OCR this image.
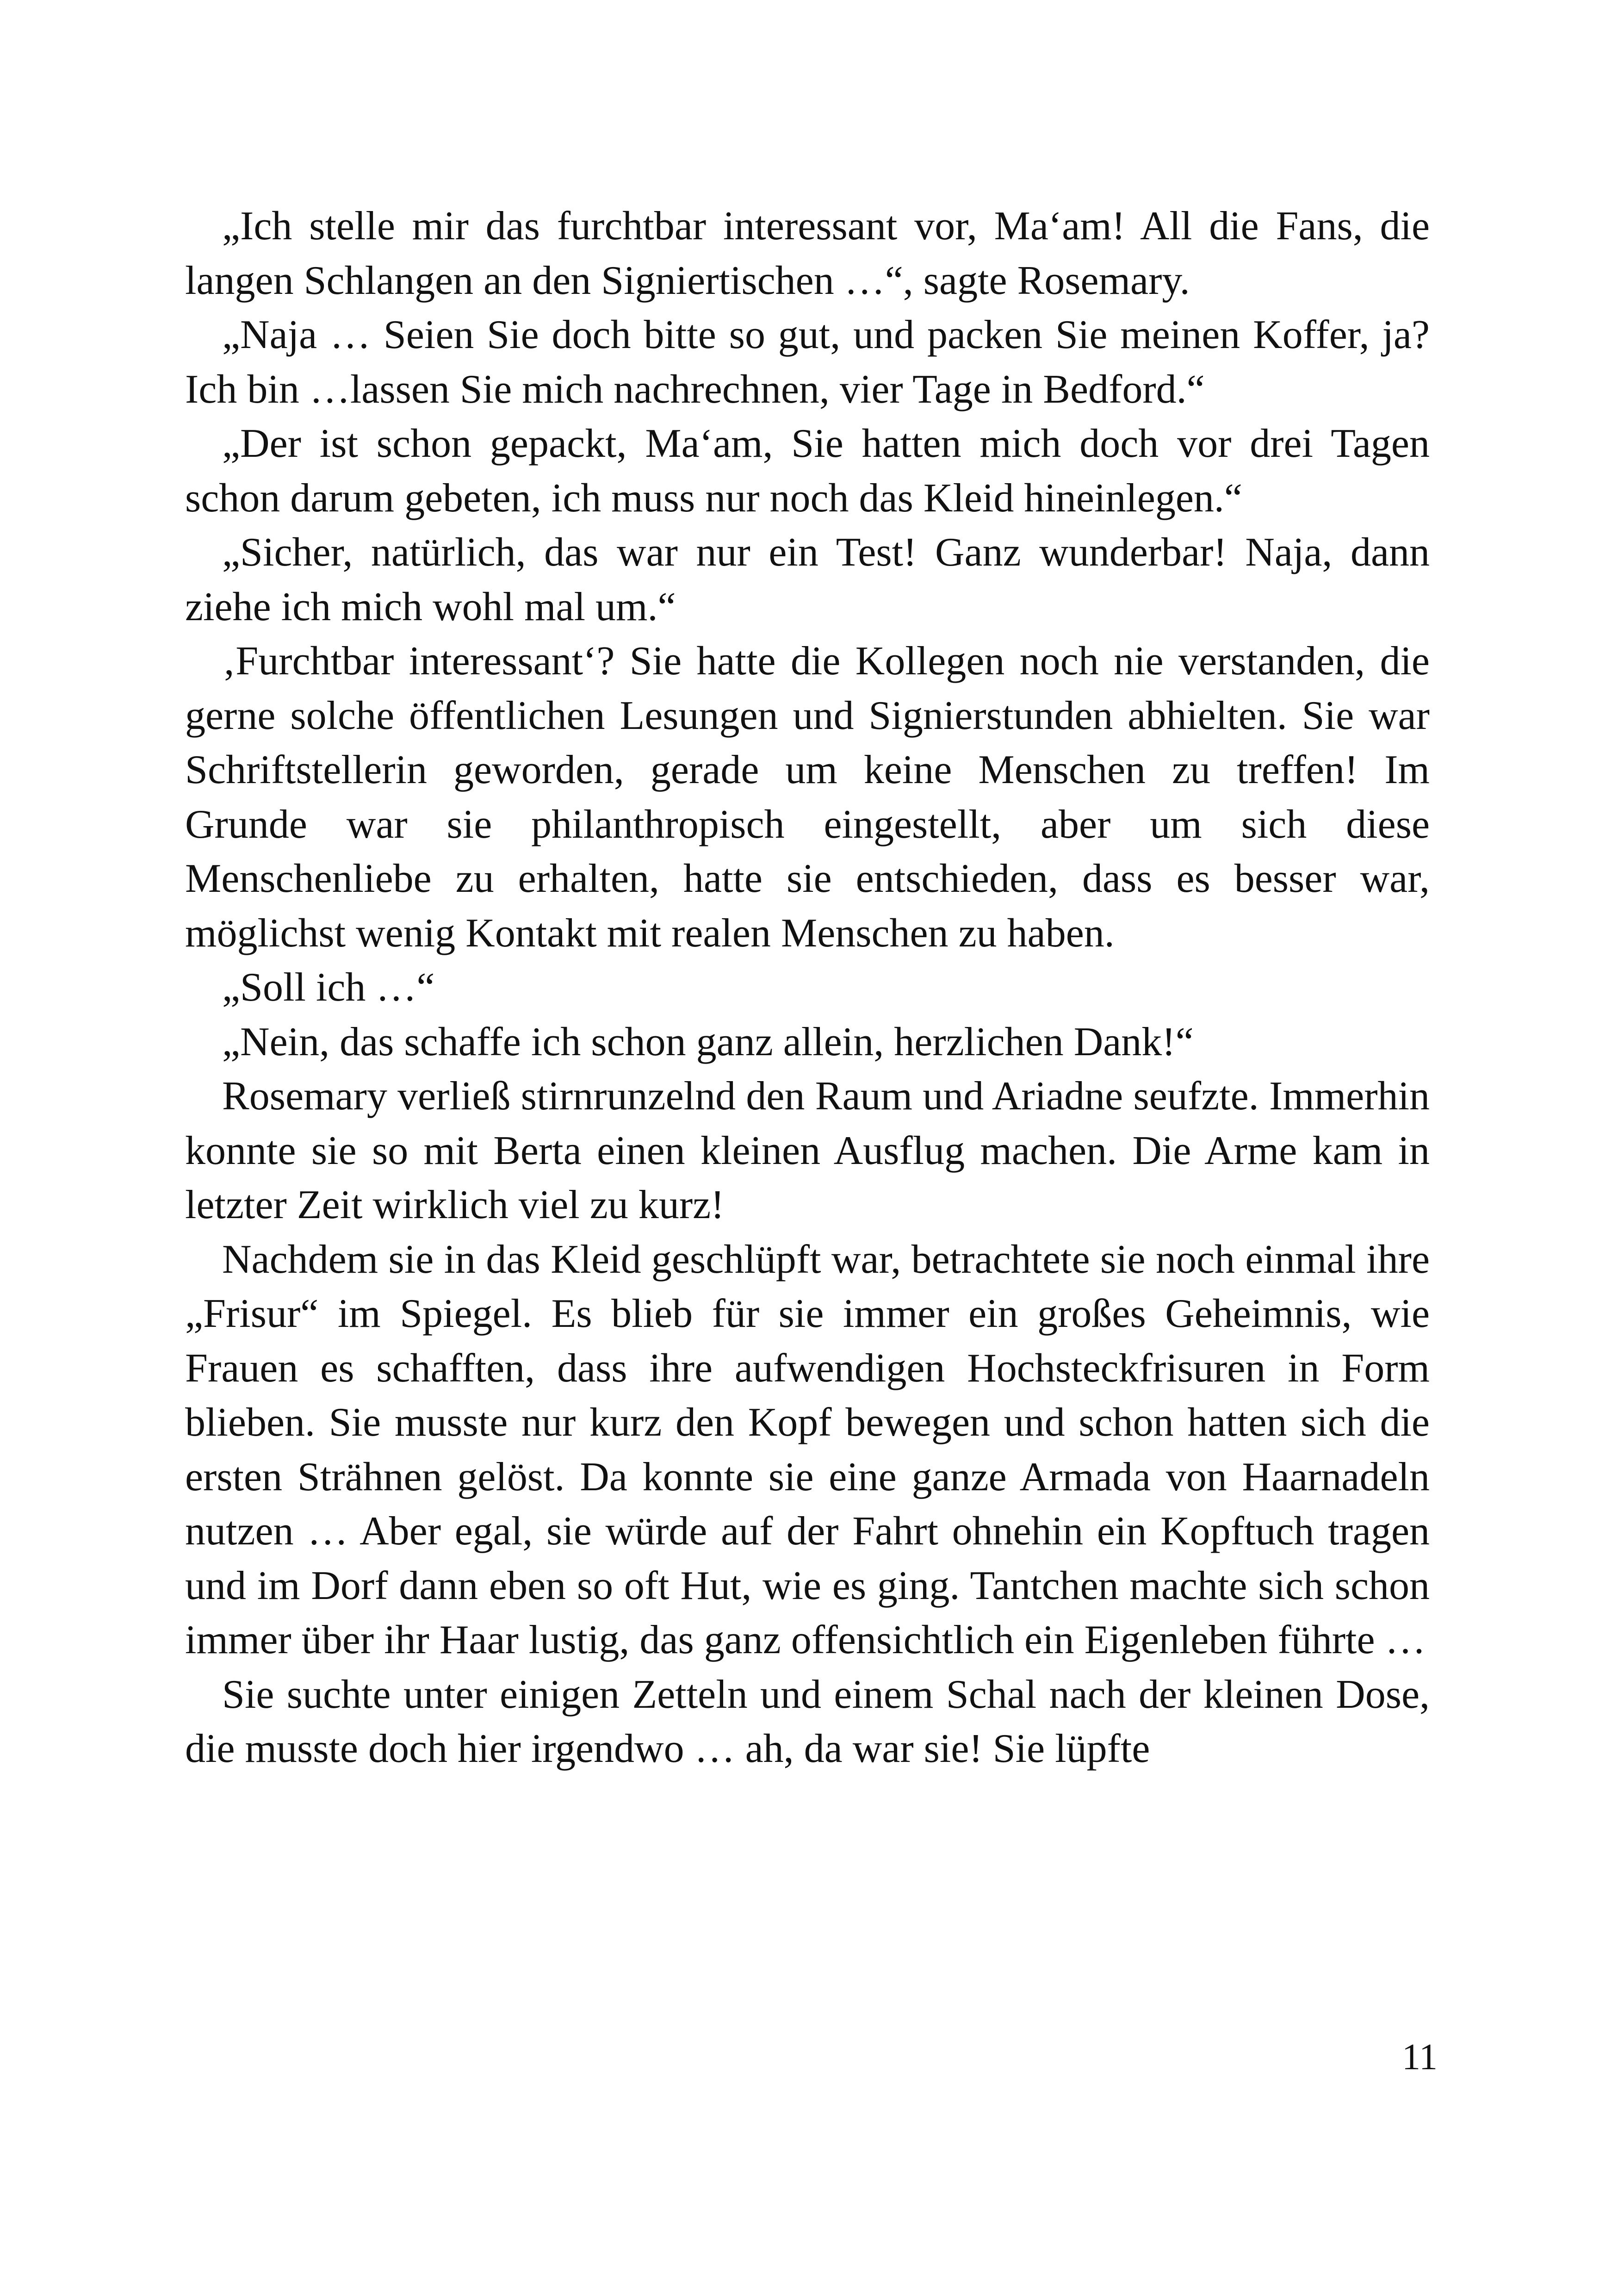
„Ich stelle mir das furchtbar interessant vor, Ma‘am! All die Fans, die langen Schlangen an den Signiertischen …“, sagte Rosemary.

„Naja … Seien Sie doch bitte so gut, und packen Sie meinen Koffer, ja? Ich bin …lassen Sie mich nachrechnen, vier Tage in Bedford.“

„Der ist schon gepackt, Ma‘am, Sie hatten mich doch vor drei Tagen schon darum gebeten, ich muss nur noch das Kleid hineinlegen.“

„Sicher, natürlich, das war nur ein Test! Ganz wunderbar! Naja, dann ziehe ich mich wohl mal um.“

‚Furchtbar interessant‘? Sie hatte die Kollegen noch nie verstanden, die gerne solche öffentlichen Lesungen und Signierstunden abhielten. Sie war Schriftstellerin geworden, gerade um keine Menschen zu treffen! Im Grunde war sie philanthropisch eingestellt, aber um sich diese Menschenliebe zu erhalten, hatte sie entschieden, dass es besser war, möglichst wenig Kontakt mit realen Menschen zu haben.

„Soll ich …“

„Nein, das schaffe ich schon ganz allein, herzlichen Dank!“

Rosemary verließ stirnrunzelnd den Raum und Ariadne seufzte. Immerhin konnte sie so mit Berta einen kleinen Ausflug machen. Die Arme kam in letzter Zeit wirklich viel zu kurz!

Nachdem sie in das Kleid geschlüpft war, betrachtete sie noch einmal ihre „Frisur“ im Spiegel. Es blieb für sie immer ein großes Geheimnis, wie Frauen es schafften, dass ihre aufwendigen Hochsteckfrisuren in Form blieben. Sie musste nur kurz den Kopf bewegen und schon hatten sich die ersten Strähnen gelöst. Da konnte sie eine ganze Armada von Haarnadeln nutzen … Aber egal, sie würde auf der Fahrt ohnehin ein Kopftuch tragen und im Dorf dann eben so oft Hut, wie es ging. Tantchen machte sich schon immer über ihr Haar lustig, das ganz offensichtlich ein Eigenleben führte …

Sie suchte unter einigen Zetteln und einem Schal nach der kleinen Dose, die musste doch hier irgendwo … ah, da war sie! Sie lüpfte

11
